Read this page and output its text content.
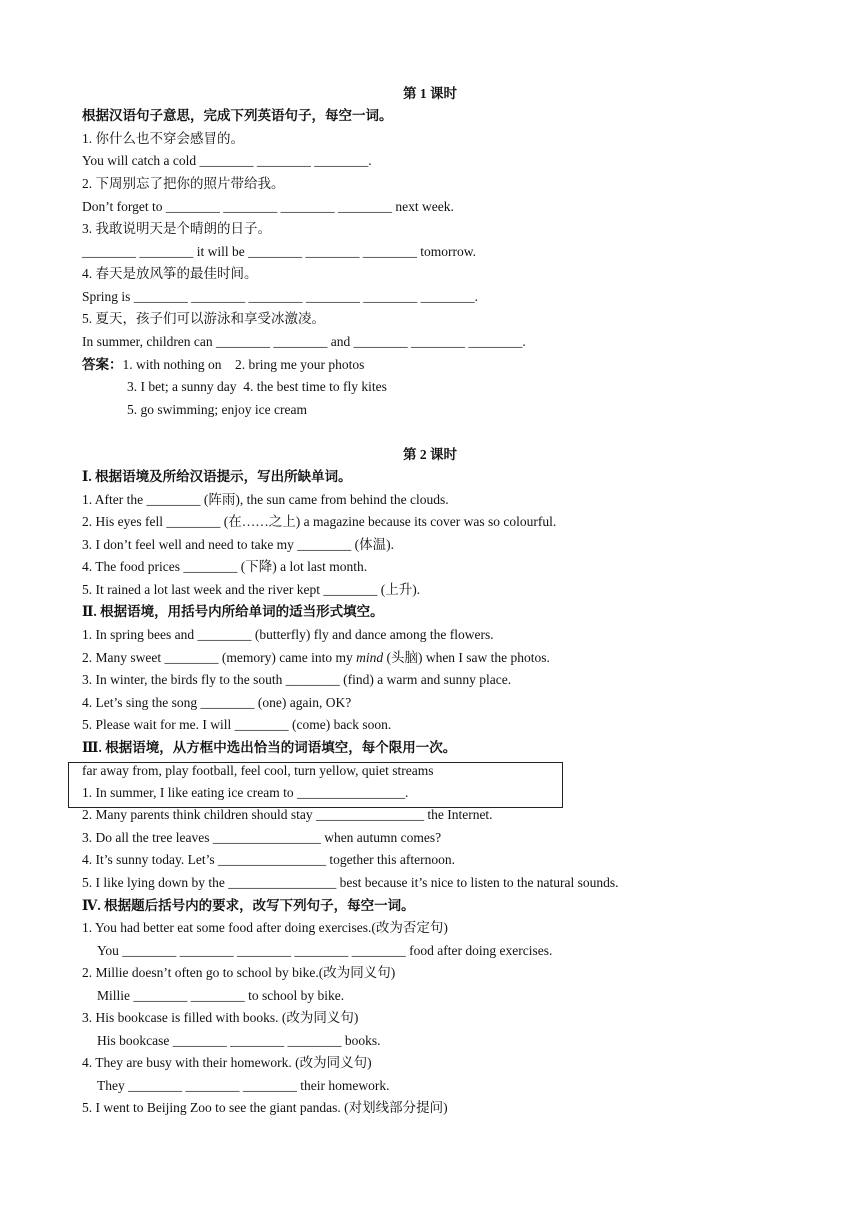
第 1 课时
根据汉语句子意思，完成下列英语句子，每空一词。
1. 你什么也不穿会感冒的。
You will catch a cold ________ ________ ________.
2. 下周别忘了把你的照片带给我。
Don’t forget to ________ ________ ________ ________ next week.
3. 我敢说明天是个晴朗的日子。
________ ________ it will be ________ ________ ________ tomorrow.
4. 春天是放风筝的最佳时间。
Spring is ________ ________ ________ ________ ________ ________.
5. 夏天，孩子们可以游泳和享受冰激凌。
In summer, children can ________ ________ and ________ ________ ________.
答案：1. with nothing on    2. bring me your photos
3. I bet; a sunny day  4. the best time to fly kites
5. go swimming; enjoy ice cream
第 2 课时
Ⅰ. 根据语境及所给汉语提示，写出所缺单词。
1. After the ________ (阵雨), the sun came from behind the clouds.
2. His eyes fell ________ (在……之上) a magazine because its cover was so colourful.
3. I don’t feel well and need to take my ________ (体温).
4. The food prices ________ (下降) a lot last month.
5. It rained a lot last week and the river kept ________ (上升).
Ⅱ. 根据语境，用括号内所给单词的适当形式填空。
1. In spring bees and ________ (butterfly) fly and dance among the flowers.
2. Many sweet ________ (memory) came into my mind (头脑) when I saw the photos.
3. In winter, the birds fly to the south ________ (find) a warm and sunny place.
4. Let’s sing the song ________ (one) again, OK?
5. Please wait for me. I will ________ (come) back soon.
Ⅲ. 根据语境，从方框中选出恰当的词语填空，每个限用一次。
far away from, play football, feel cool, turn yellow, quiet streams
1. In summer, I like eating ice cream to ________________.
2. Many parents think children should stay ________________ the Internet.
3. Do all the tree leaves ________________ when autumn comes?
4. It’s sunny today. Let’s ________________ together this afternoon.
5. I like lying down by the ________________ best because it’s nice to listen to the natural sounds.
Ⅳ. 根据题后括号内的要求，改写下列句子，每空一词。
1. You had better eat some food after doing exercises.(改为否定句)
You ________ ________ ________ ________ ________ food after doing exercises.
2. Millie doesn’t often go to school by bike.(改为同义句)
Millie ________ ________ to school by bike.
3. His bookcase is filled with books. (改为同义句)
His bookcase ________ ________ ________ books.
4. They are busy with their homework. (改为同义句)
They ________ ________ ________ their homework.
5. I went to Beijing Zoo to see the giant pandas. (对划线部分提问)
